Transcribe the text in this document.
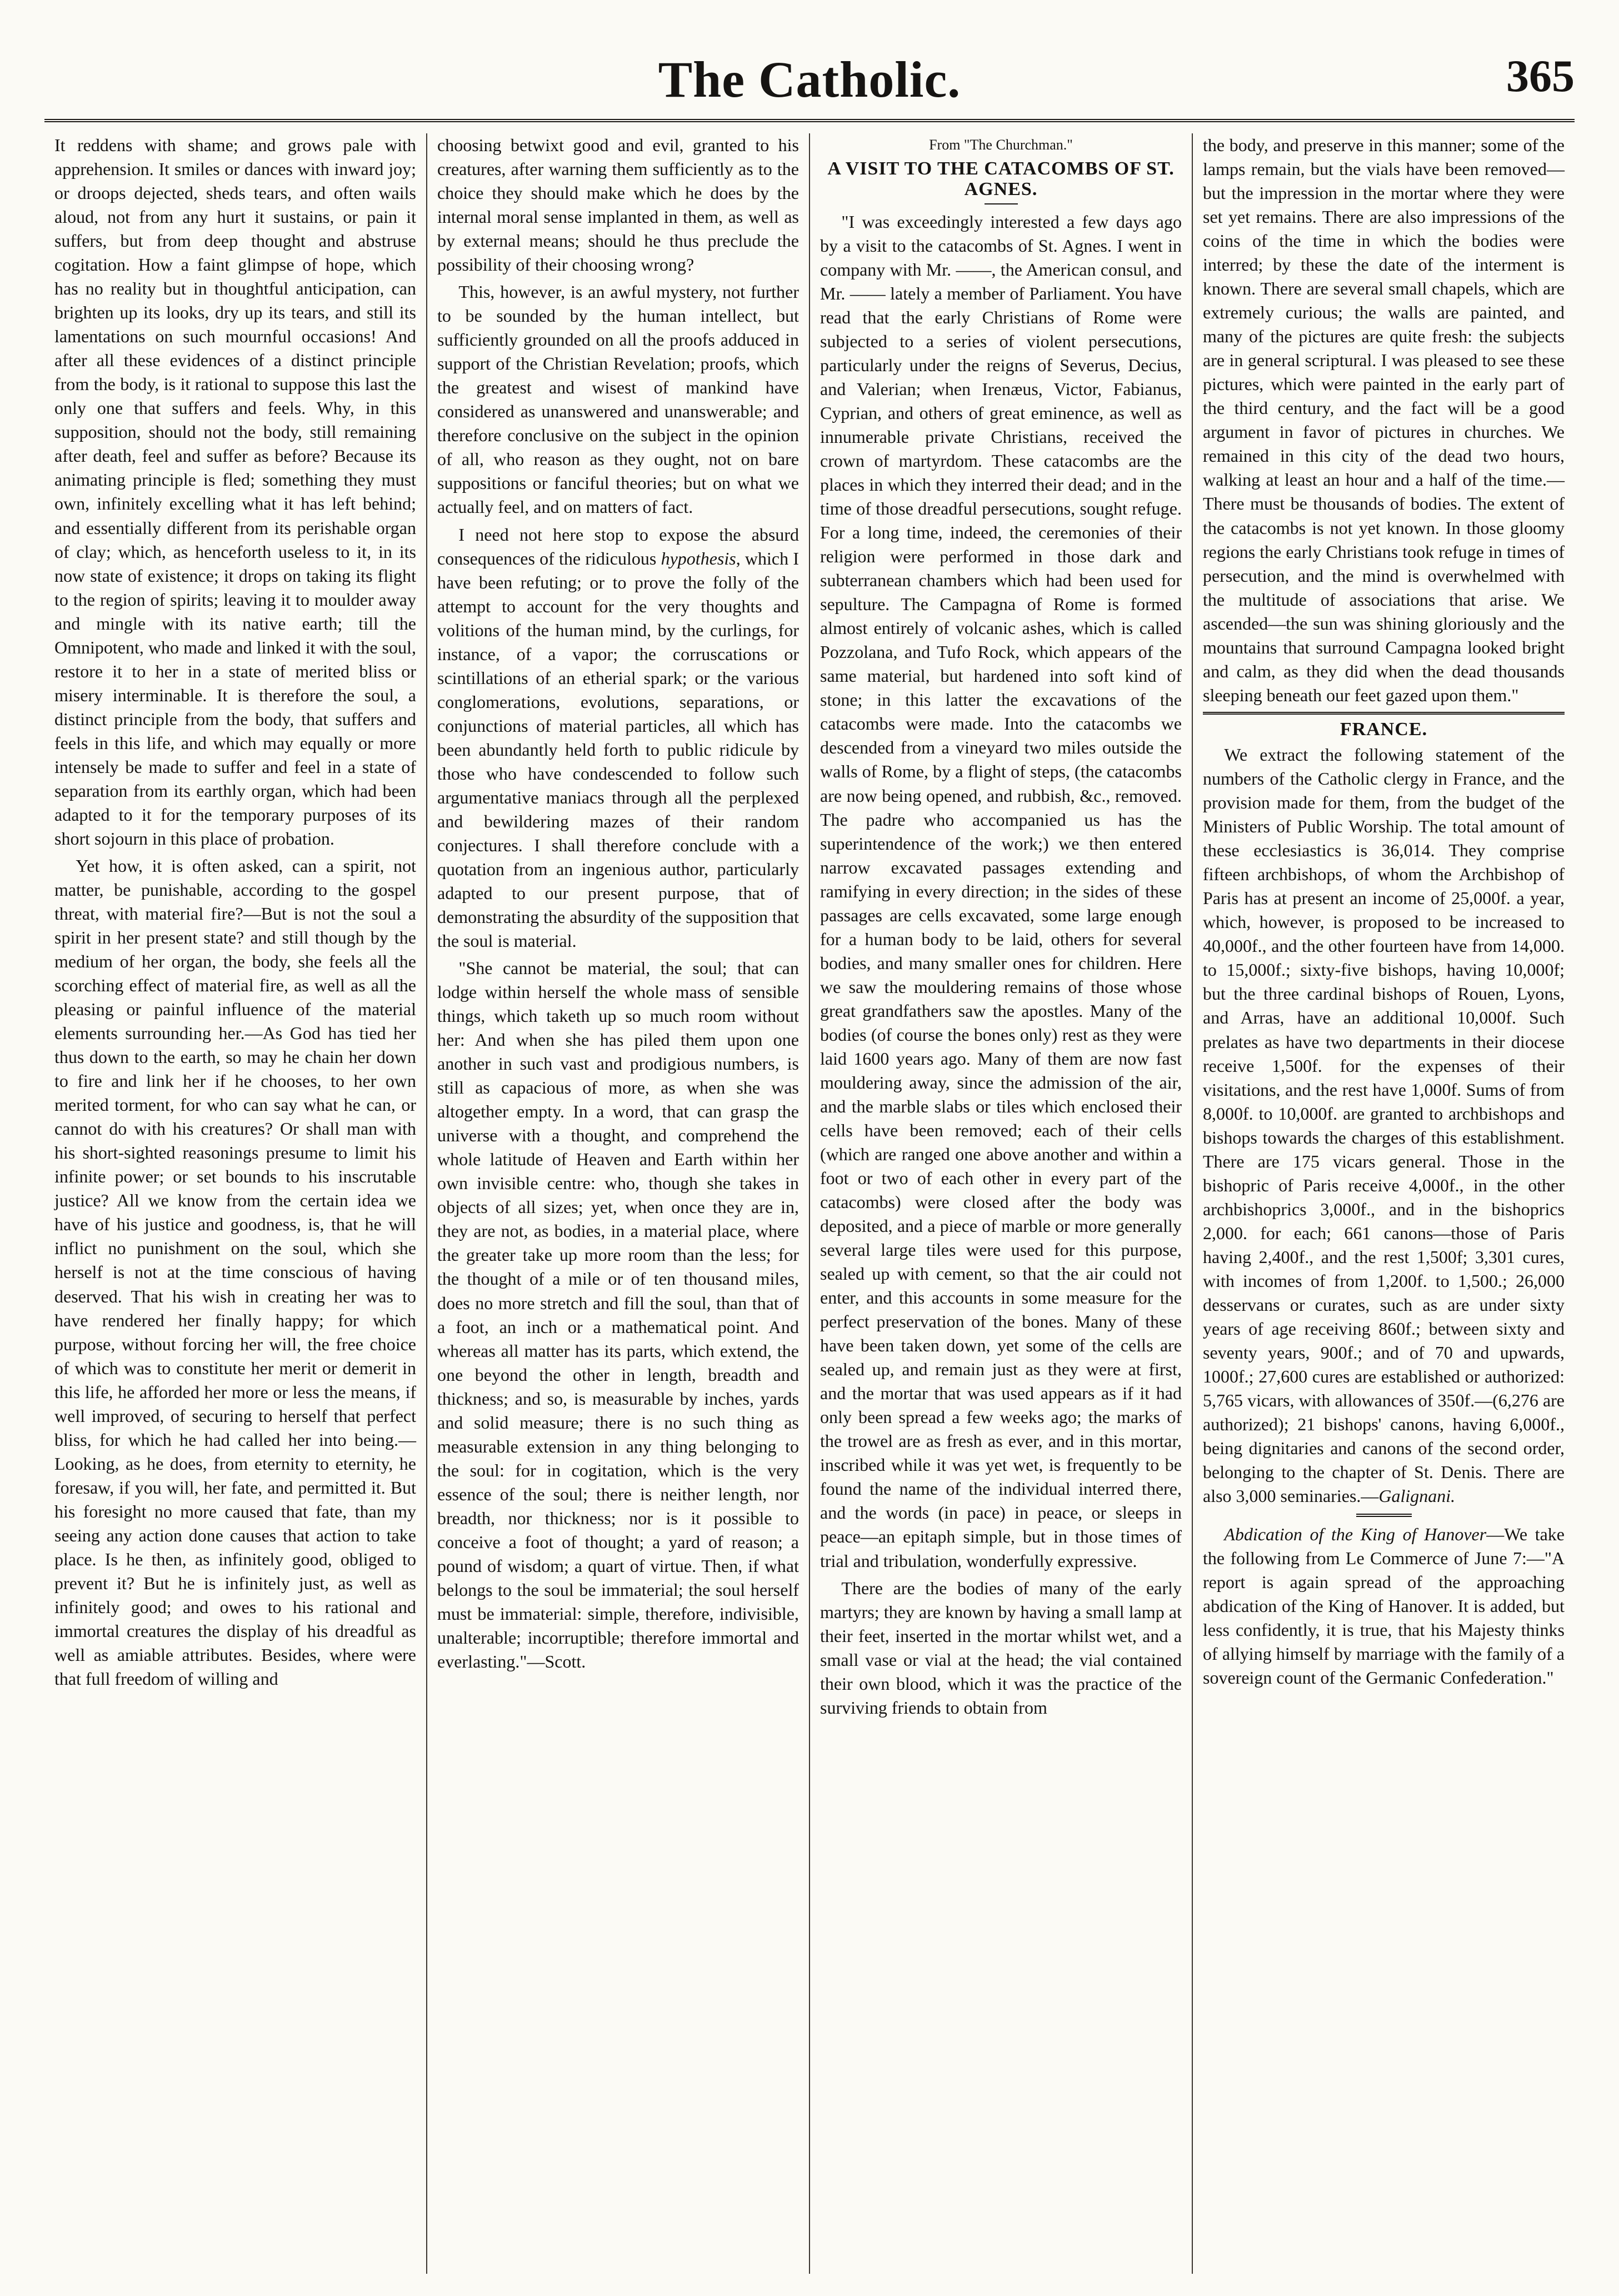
The Catholic.	365

It reddens with shame; and grows pale with apprehension. It smiles or dances with inward joy; or droops dejected, sheds tears, and often wails aloud, not from any hurt it sustains, or pain it suffers, but from deep thought and abstruse cogitation. How a faint glimpse of hope, which has no reality but in thoughtful anticipation, can brighten up its looks, dry up its tears, and still its lamentations on such mournful occasions! And after all these evidences of a distinct principle from the body, is it rational to suppose this last the only one that suffers and feels. Why, in this supposition, should not the body, still remaining after death, feel and suffer as before? Because its animating principle is fled; something they must own, infinitely excelling what it has left behind; and essentially different from its perishable organ of clay; which, as henceforth useless to it, in its now state of existence; it drops on taking its flight to the region of spirits; leaving it to moulder away and mingle with its native earth; till the Omnipotent, who made and linked it with the soul, restore it to her in a state of merited bliss or misery interminable. It is therefore the soul, a distinct principle from the body, that suffers and feels in this life, and which may equally or more intensely be made to suffer and feel in a state of separation from its earthly organ, which had been adapted to it for the temporary purposes of its short sojourn in this place of probation.

Yet how, it is often asked, can a spirit, not matter, be punishable, according to the gospel threat, with material fire?—But is not the soul a spirit in her present state? and still though by the medium of her organ, the body, she feels all the scorching effect of material fire, as well as all the pleasing or painful influence of the material elements surrounding her.—As God has tied her thus down to the earth, so may he chain her down to fire and link her if he chooses, to her own merited torment, for who can say what he can, or cannot do with his creatures? Or shall man with his short-sighted reasonings presume to limit his infinite power; or set bounds to his inscrutable justice? All we know from the certain idea we have of his justice and goodness, is, that he will inflict no punishment on the soul, which she herself is not at the time conscious of having deserved. That his wish in creating her was to have rendered her finally happy; for which purpose, without forcing her will, the free choice of which was to constitute her merit or demerit in this life, he afforded her more or less the means, if well improved, of securing to herself that perfect bliss, for which he had called her into being.—Looking, as he does, from eternity to eternity, he foresaw, if you will, her fate, and permitted it. But his foresight no more caused that fate, than my seeing any action done causes that action to take place. Is he then, as infinitely good, obliged to prevent it? But he is infinitely just, as well as infinitely good; and owes to his rational and immortal creatures the display of his dreadful as well as amiable attributes. Besides, where were that full freedom of willing and

choosing betwixt good and evil, granted to his creatures, after warning them sufficiently as to the choice they should make which he does by the internal moral sense implanted in them, as well as by external means; should he thus preclude the possibility of their choosing wrong?

This, however, is an awful mystery, not further to be sounded by the human intellect, but sufficiently grounded on all the proofs adduced in support of the Christian Revelation; proofs, which the greatest and wisest of mankind have considered as unanswered and unanswerable; and therefore conclusive on the subject in the opinion of all, who reason as they ought, not on bare suppositions or fanciful theories; but on what we actually feel, and on matters of fact.

I need not here stop to expose the absurd consequences of the ridiculous hypothesis, which I have been refuting; or to prove the folly of the attempt to account for the very thoughts and volitions of the human mind, by the curlings, for instance, of a vapor; the corruscations or scintillations of an etherial spark; or the various conglomerations, evolutions, separations, or conjunctions of material particles, all which has been abundantly held forth to public ridicule by those who have condescended to follow such argumentative maniacs through all the perplexed and bewildering mazes of their random conjectures. I shall therefore conclude with a quotation from an ingenious author, particularly adapted to our present purpose, that of demonstrating the absurdity of the supposition that the soul is material.

"She cannot be material, the soul; that can lodge within herself the whole mass of sensible things, which taketh up so much room without her: And when she has piled them upon one another in such vast and prodigious numbers, is still as capacious of more, as when she was altogether empty. In a word, that can grasp the universe with a thought, and comprehend the whole latitude of Heaven and Earth within her own invisible centre: who, though she takes in objects of all sizes; yet, when once they are in, they are not, as bodies, in a material place, where the greater take up more room than the less; for the thought of a mile or of ten thousand miles, does no more stretch and fill the soul, than that of a foot, an inch or a mathematical point. And whereas all matter has its parts, which extend, the one beyond the other in length, breadth and thickness; and so, is measurable by inches, yards and solid measure; there is no such thing as measurable extension in any thing belonging to the soul: for in cogitation, which is the very essence of the soul; there is neither length, nor breadth, nor thickness; nor is it possible to conceive a foot of thought; a yard of reason; a pound of wisdom; a quart of virtue. Then, if what belongs to the soul be immaterial; the soul herself must be immaterial: simple, therefore, indivisible, unalterable; incorruptible; therefore immortal and everlasting."—Scott.

From "The Churchman."
A VISIT TO THE CATACOMBS OF ST. AGNES.

"I was exceedingly interested a few days ago by a visit to the catacombs of St. Agnes. I went in company with Mr. ——, the American consul, and Mr. —— lately a member of Parliament. You have read that the early Christians of Rome were subjected to a series of violent persecutions, particularly under the reigns of Severus, Decius, and Valerian; when Irenæus, Victor, Fabianus, Cyprian, and others of great eminence, as well as innumerable private Christians, received the crown of martyrdom. These catacombs are the places in which they interred their dead; and in the time of those dreadful persecutions, sought refuge. For a long time, indeed, the ceremonies of their religion were performed in those dark and subterranean chambers which had been used for sepulture. The Campagna of Rome is formed almost entirely of volcanic ashes, which is called Pozzolana, and Tufo Rock, which appears of the same material, but hardened into soft kind of stone; in this latter the excavations of the catacombs were made. Into the catacombs we descended from a vineyard two miles outside the walls of Rome, by a flight of steps, (the catacombs are now being opened, and rubbish, &c., removed. The padre who accompanied us has the superintendence of the work;) we then entered narrow excavated passages extending and ramifying in every direction; in the sides of these passages are cells excavated, some large enough for a human body to be laid, others for several bodies, and many smaller ones for children. Here we saw the mouldering remains of those whose great grandfathers saw the apostles. Many of the bodies (of course the bones only) rest as they were laid 1600 years ago. Many of them are now fast mouldering away, since the admission of the air, and the marble slabs or tiles which enclosed their cells have been removed; each of their cells (which are ranged one above another and within a foot or two of each other in every part of the catacombs) were closed after the body was deposited, and a piece of marble or more generally several large tiles were used for this purpose, sealed up with cement, so that the air could not enter, and this accounts in some measure for the perfect preservation of the bones. Many of these have been taken down, yet some of the cells are sealed up, and remain just as they were at first, and the mortar that was used appears as if it had only been spread a few weeks ago; the marks of the trowel are as fresh as ever, and in this mortar, inscribed while it was yet wet, is frequently to be found the name of the individual interred there, and the words (in pace) in peace, or sleeps in peace—an epitaph simple, but in those times of trial and tribulation, wonderfully expressive.

There are the bodies of many of the early martyrs; they are known by having a small lamp at their feet, inserted in the mortar whilst wet, and a small vase or vial at the head; the vial contained their own blood, which it was the practice of the surviving friends to obtain from

the body, and preserve in this manner; some of the lamps remain, but the vials have been removed—but the impression in the mortar where they were set yet remains. There are also impressions of the coins of the time in which the bodies were interred; by these the date of the interment is known. There are several small chapels, which are extremely curious; the walls are painted, and many of the pictures are quite fresh: the subjects are in general scriptural. I was pleased to see these pictures, which were painted in the early part of the third century, and the fact will be a good argument in favor of pictures in churches. We remained in this city of the dead two hours, walking at least an hour and a half of the time.—There must be thousands of bodies. The extent of the catacombs is not yet known. In those gloomy regions the early Christians took refuge in times of persecution, and the mind is overwhelmed with the multitude of associations that arise. We ascended—the sun was shining gloriously and the mountains that surround Campagna looked bright and calm, as they did when the dead thousands sleeping beneath our feet gazed upon them."

FRANCE.

We extract the following statement of the numbers of the Catholic clergy in France, and the provision made for them, from the budget of the Ministers of Public Worship. The total amount of these ecclesiastics is 36,014. They comprise fifteen archbishops, of whom the Archbishop of Paris has at present an income of 25,000f. a year, which, however, is proposed to be increased to 40,000f., and the other fourteen have from 14,000. to 15,000f.; sixty-five bishops, having 10,000f; but the three cardinal bishops of Rouen, Lyons, and Arras, have an additional 10,000f. Such prelates as have two departments in their diocese receive 1,500f. for the expenses of their visitations, and the rest have 1,000f. Sums of from 8,000f. to 10,000f. are granted to archbishops and bishops towards the charges of this establishment. There are 175 vicars general. Those in the bishopric of Paris receive 4,000f., in the other archbishoprics 3,000f., and in the bishoprics 2,000. for each; 661 canons—those of Paris having 2,400f., and the rest 1,500f; 3,301 cures, with incomes of from 1,200f. to 1,500.; 26,000 desservans or curates, such as are under sixty years of age receiving 860f.; between sixty and seventy years, 900f.; and of 70 and upwards, 1000f.; 27,600 cures are established or authorized: 5,765 vicars, with allowances of 350f.—(6,276 are authorized); 21 bishops' canons, having 6,000f., being dignitaries and canons of the second order, belonging to the chapter of St. Denis. There are also 3,000 seminaries.—Galignani.

Abdication of the King of Hanover—We take the following from Le Commerce of June 7:—"A report is again spread of the approaching abdication of the King of Hanover. It is added, but less confidently, it is true, that his Majesty thinks of allying himself by marriage with the family of a sovereign count of the Germanic Confederation."
